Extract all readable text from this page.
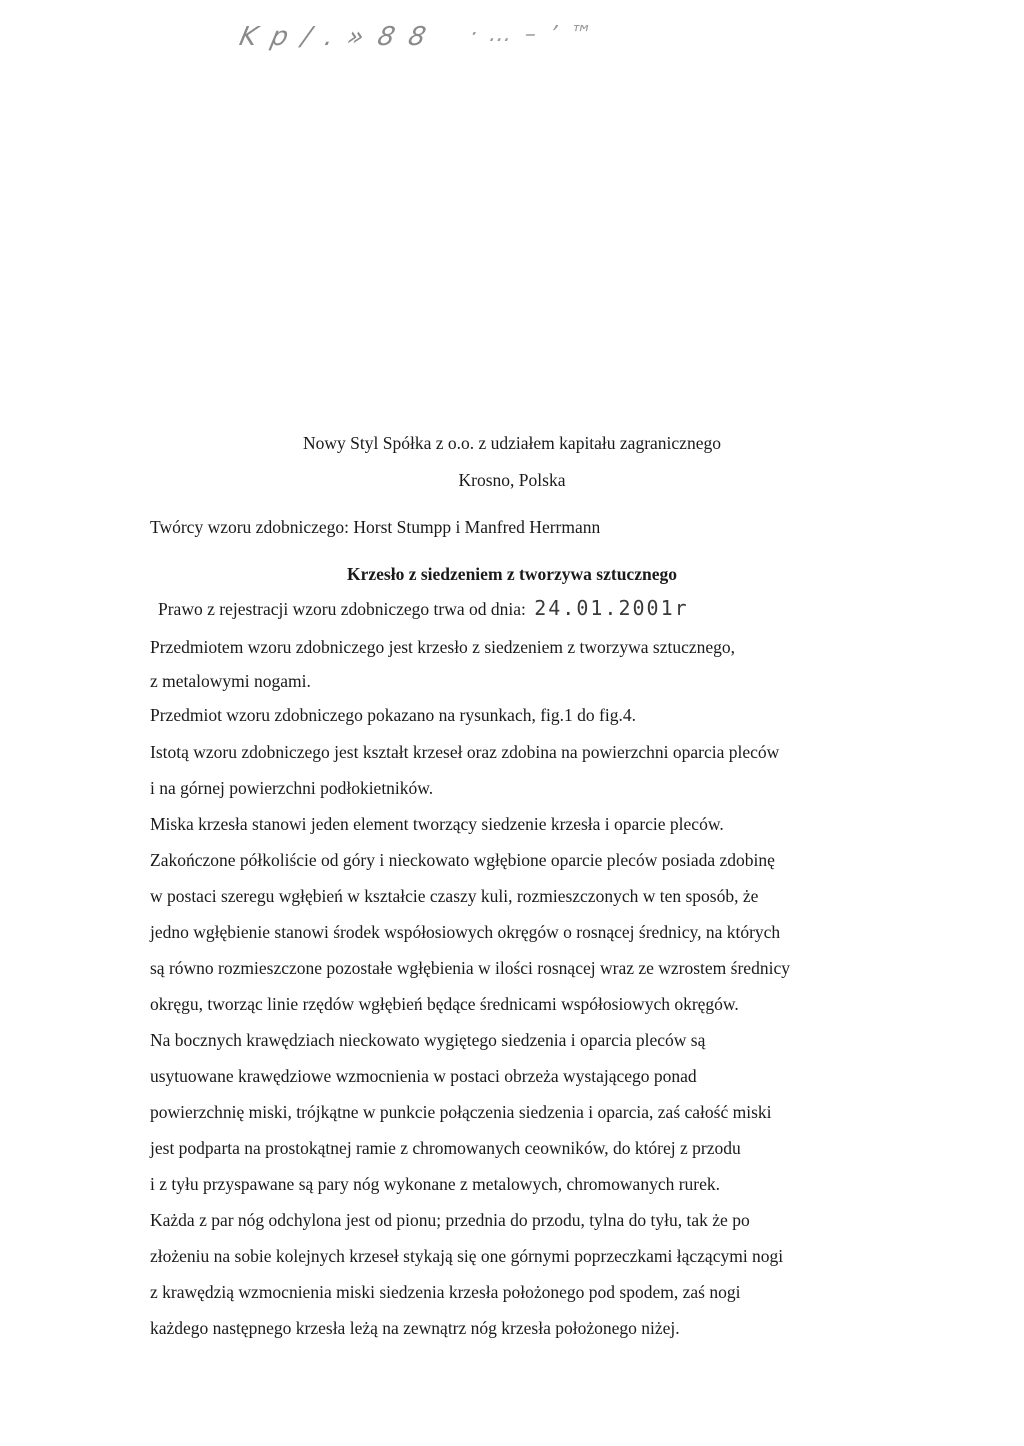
K p / . » 8 8 · … – ’ ™
Nowy Styl Spółka z o.o. z udziałem kapitału zagranicznego
Krosno, Polska
Twórcy wzoru zdobniczego: Horst Stumpp i Manfred Herrmann
Krzesło z siedzeniem z tworzywa sztucznego
Prawo z rejestracji wzoru zdobniczego trwa od dnia: 24.01.2001r
Przedmiotem wzoru zdobniczego jest krzesło z siedzeniem z tworzywa sztucznego,
z metalowymi nogami.
Przedmiot wzoru zdobniczego pokazano na rysunkach, fig.1 do fig.4.
Istotą wzoru zdobniczego jest kształt krzeseł oraz zdobina na powierzchni oparcia pleców
i na górnej powierzchni podłokietników.
Miska krzesła stanowi jeden element tworzący siedzenie krzesła i oparcie pleców.
Zakończone półkoliście od góry i nieckowato wgłębione oparcie pleców posiada zdobinę
w postaci szeregu wgłębień w kształcie czaszy kuli, rozmieszczonych w ten sposób, że
jedno wgłębienie stanowi środek współosiowych okręgów o rosnącej średnicy, na których
są równo rozmieszczone pozostałe wgłębienia w ilości rosnącej wraz ze wzrostem średnicy
okręgu, tworząc linie rzędów wgłębień będące średnicami współosiowych okręgów.
Na bocznych krawędziach nieckowato wygiętego siedzenia i oparcia pleców są
usytuowane krawędziowe wzmocnienia w postaci obrzeża wystającego ponad
powierzchnię miski, trójkątne w punkcie połączenia siedzenia i oparcia, zaś całość miski
jest podparta na prostokątnej ramie z chromowanych ceowników, do której z przodu
i z tyłu przyspawane są pary nóg wykonane z metalowych, chromowanych rurek.
Każda z par nóg odchylona jest od pionu; przednia do przodu, tylna do tyłu, tak że po
złożeniu na sobie kolejnych krzeseł stykają się one górnymi poprzeczkami łączącymi nogi
z krawędzią wzmocnienia miski siedzenia krzesła położonego pod spodem, zaś nogi
każdego następnego krzesła leżą na zewnątrz nóg krzesła położonego niżej.
